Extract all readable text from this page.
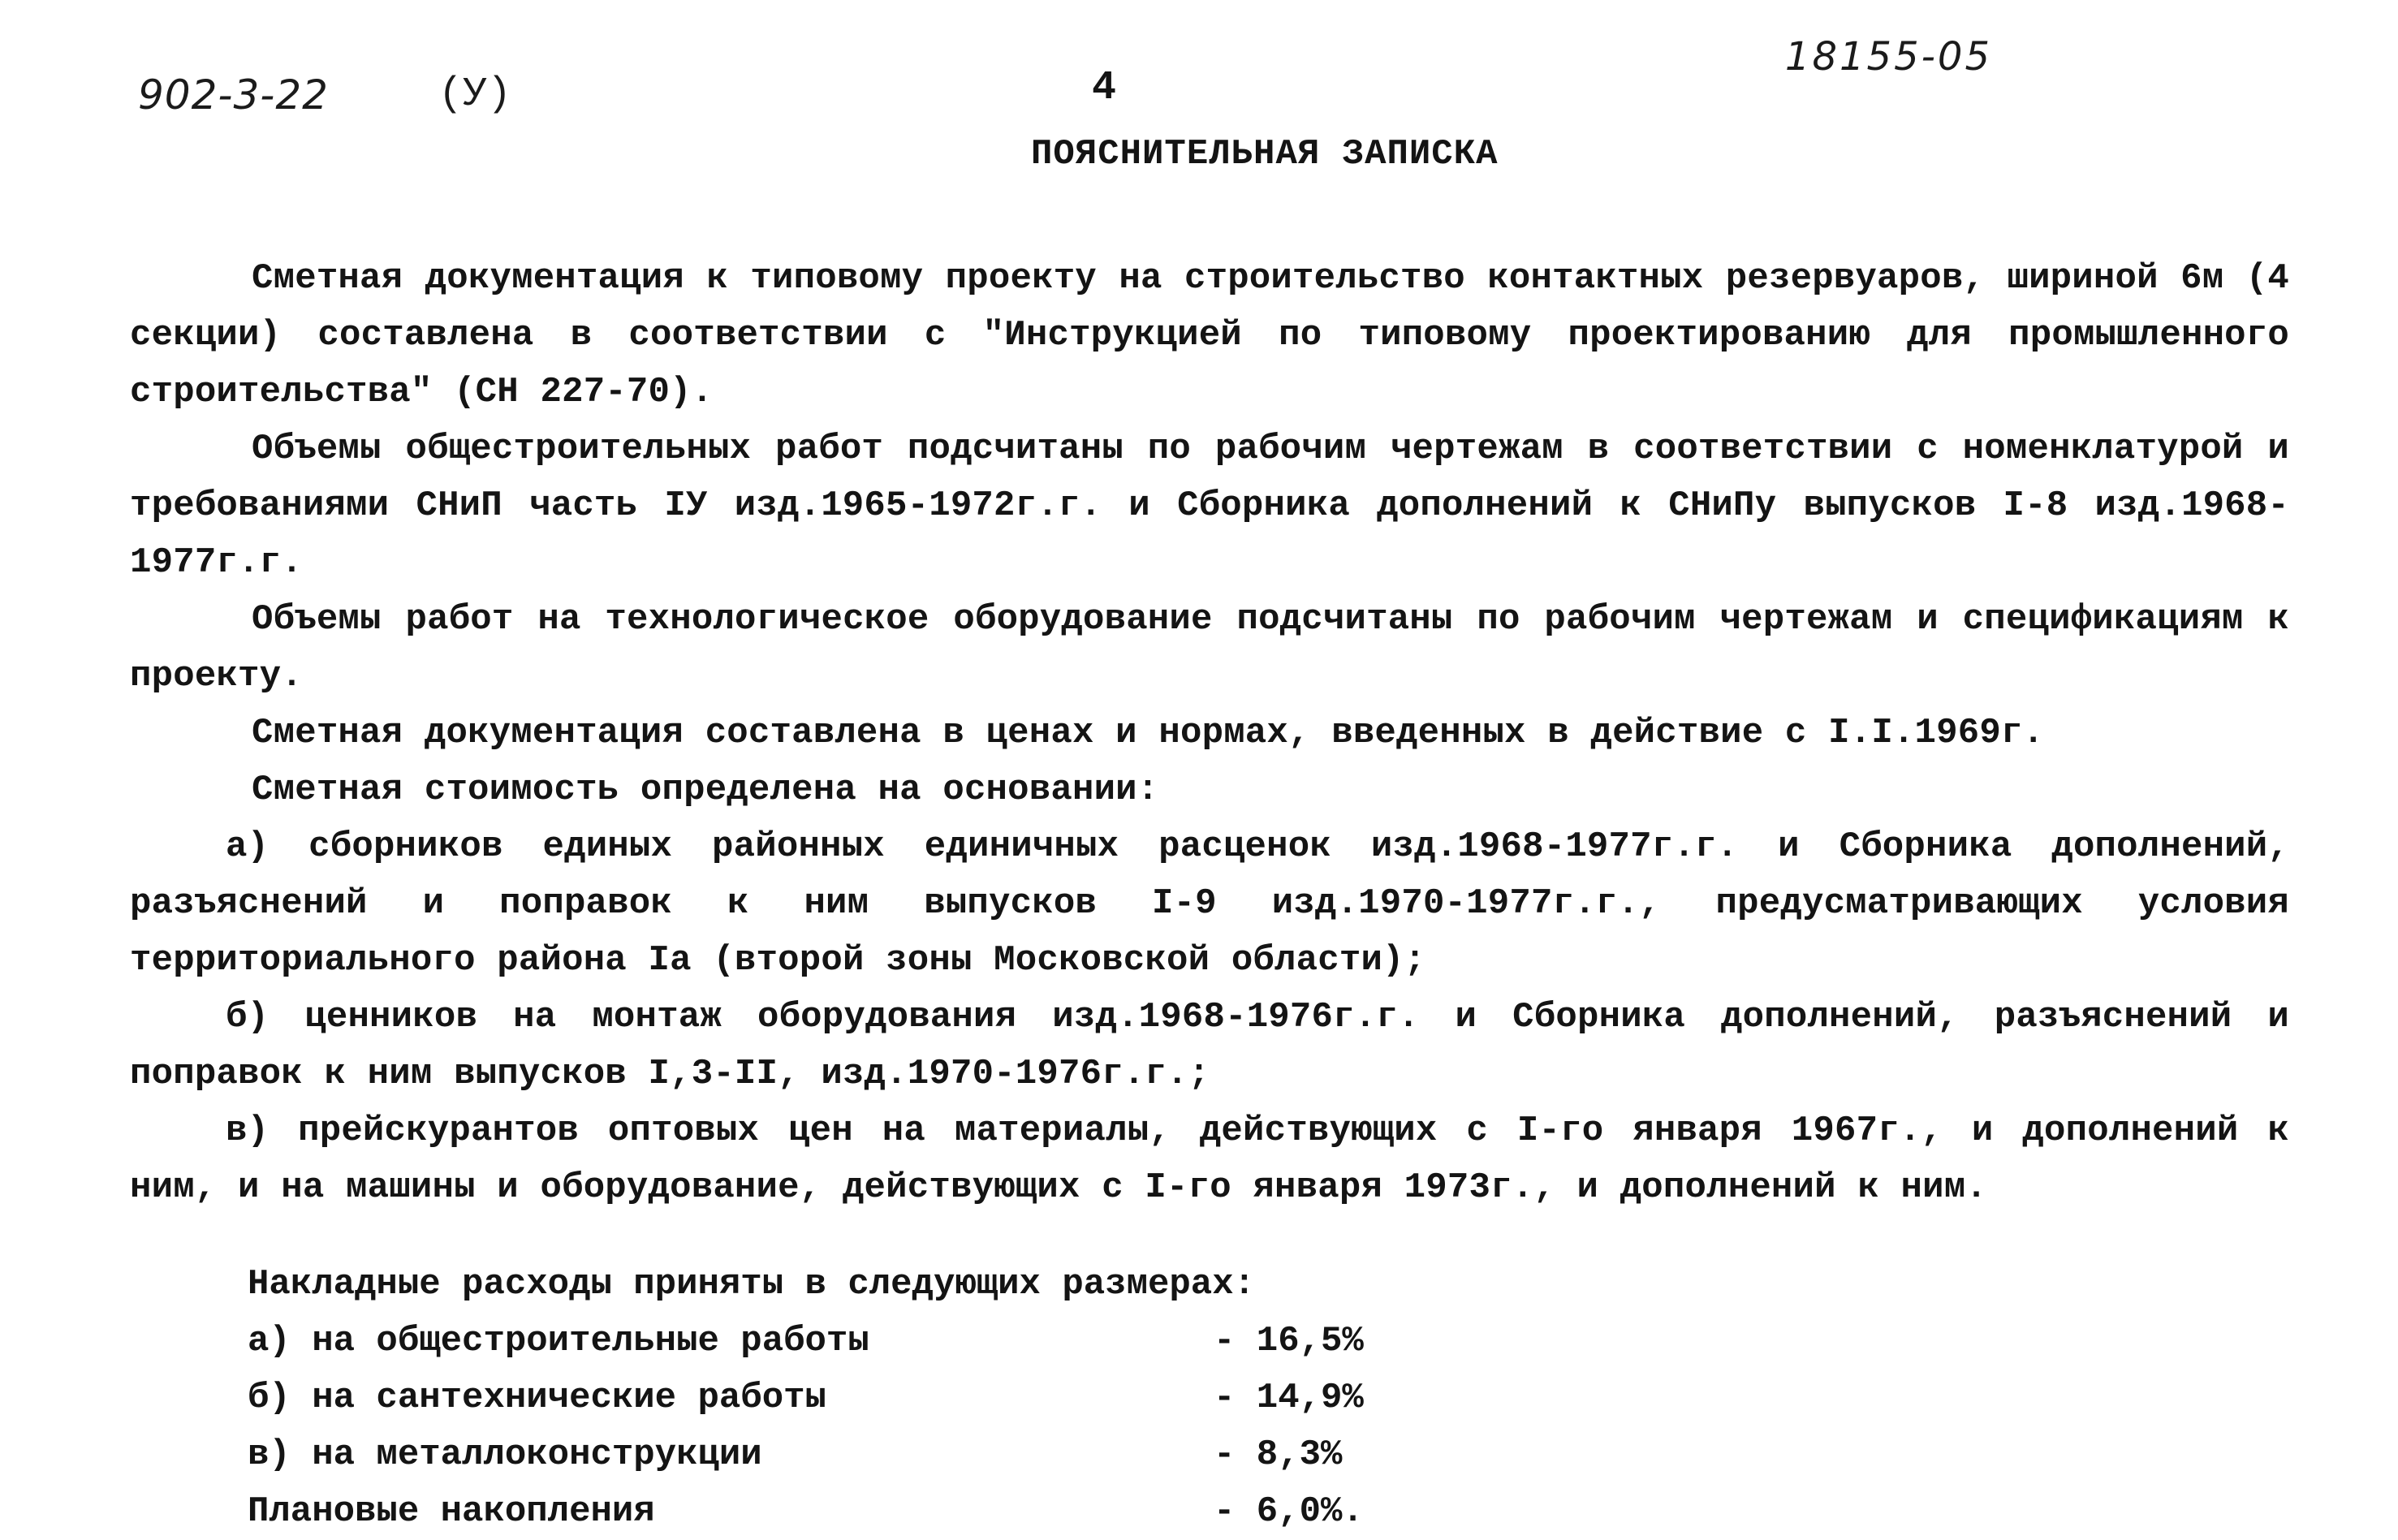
902-3-22	(У)	4
18155-05
ПОЯСНИТЕЛЬНАЯ ЗАПИСКА

Сметная документация к типовому проекту на строительство контактных резервуаров, шириной 6м (4 секции) составлена в соответствии с "Инструкцией по типовому проектированию для промышленного строительства" (СН 227-70).

Объемы общестроительных работ подсчитаны по рабочим чертежам в соответствии с номенклатурой и требованиями СНиП часть IУ изд.1965-1972г.г. и Сборника дополнений к СНиПу выпусков I-8 изд.1968-1977г.г.

Объемы работ на технологическое оборудование подсчитаны по рабочим чертежам и спецификациям к проекту.

Сметная документация составлена в ценах и нормах, введенных в действие с I.I.1969г.

Сметная стоимость определена на основании:

а) сборников единых районных единичных расценок изд.1968-1977г.г. и Сборника дополнений, разъяснений и поправок к ним выпусков I-9 изд.1970-1977г.г., предусматривающих условия территориального района Iа (второй зоны Московской области);

б) ценников на монтаж оборудования изд.1968-1976г.г. и Сборника дополнений, разъяснений и поправок к ним выпусков I,3-II, изд.1970-1976г.г.;

в) прейскурантов оптовых цен на материалы, действующих с I-го января 1967г., и дополнений к ним, и на машины и оборудование, действующих с I-го января 1973г., и дополнений к ним.

Накладные расходы приняты в следующих размерах:
а) на общестроительные работы	- 16,5%
б) на сантехнические работы	- 14,9%
в) на металлоконструкции	- 8,3%
Плановые накопления	- 6,0%.
